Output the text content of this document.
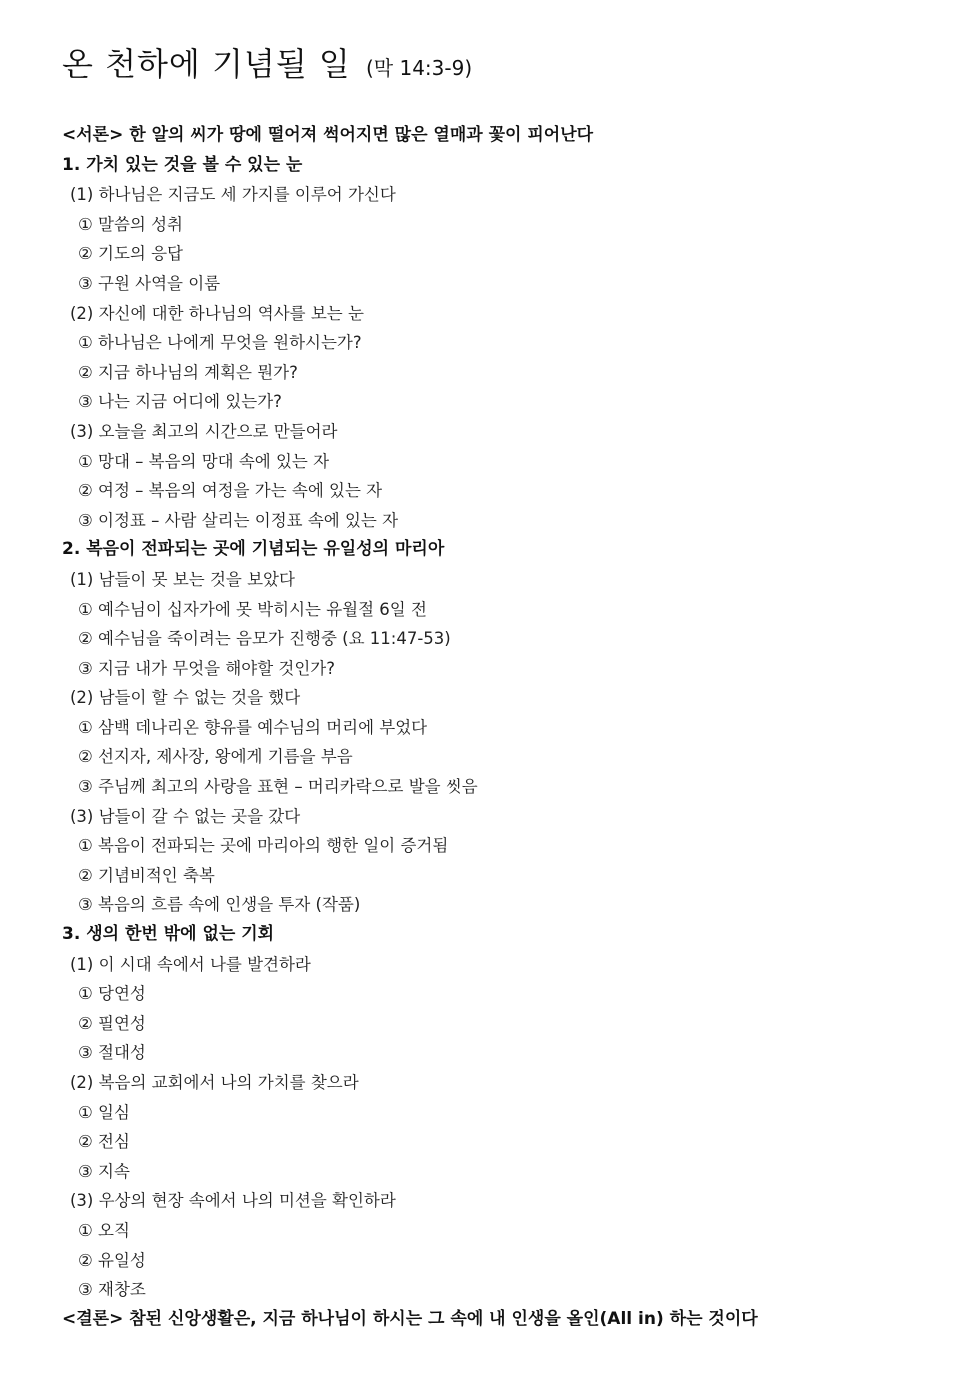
온 천하에 기념될 일 (막 14:3-9)
<서론> 한 알의 씨가 땅에 떨어져 썩어지면 많은 열매과 꽃이 피어난다
1. 가치 있는 것을 볼 수 있는 눈
(1) 하나님은 지금도 세 가지를 이루어 가신다
① 말씀의 성취
② 기도의 응답
③ 구원 사역을 이룸
(2) 자신에 대한 하나님의 역사를 보는 눈
① 하나님은 나에게 무엇을 원하시는가?
② 지금 하나님의 계획은 뭔가?
③ 나는 지금 어디에 있는가?
(3) 오늘을 최고의 시간으로 만들어라
① 망대 – 복음의 망대 속에 있는 자
② 여정 – 복음의 여정을 가는 속에 있는 자
③ 이정표 – 사람 살리는 이정표 속에 있는 자
2. 복음이 전파되는 곳에 기념되는 유일성의 마리아
(1) 남들이 못 보는 것을 보았다
① 예수님이 십자가에 못 박히시는 유월절 6일 전
② 예수님을 죽이려는 음모가 진행중 (요 11:47-53)
③ 지금 내가 무엇을 해야할 것인가?
(2) 남들이 할 수 없는 것을 했다
① 삼백 데나리온 향유를 예수님의 머리에 부었다
② 선지자, 제사장, 왕에게 기름을 부음
③ 주님께 최고의 사랑을 표현 – 머리카락으로 발을 씻음
(3) 남들이 갈 수 없는 곳을 갔다
① 복음이 전파되는 곳에 마리아의 행한 일이 증거됨
② 기념비적인 축복
③ 복음의 흐름 속에 인생을 투자 (작품)
3. 생의 한번 밖에 없는 기회
(1) 이 시대 속에서 나를 발견하라
① 당연성
② 필연성
③ 절대성
(2) 복음의 교회에서 나의 가치를 찾으라
① 일심
② 전심
③ 지속
(3) 우상의 현장 속에서 나의 미션을 확인하라
① 오직
② 유일성
③ 재창조
<결론> 참된 신앙생활은, 지금 하나님이 하시는 그 속에 내 인생을 올인(All in) 하는 것이다
